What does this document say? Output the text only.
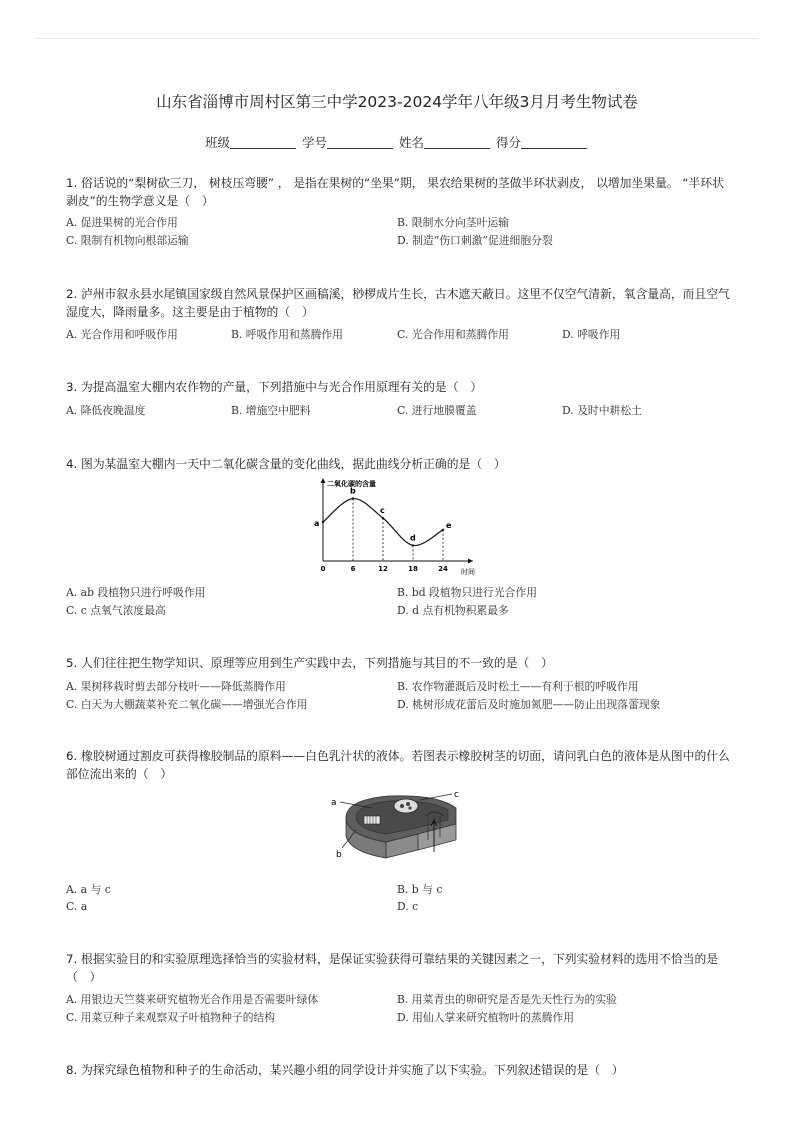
山东省淄博市周村区第三中学2023-2024学年八年级3月月考生物试卷
班级	学号	姓名	得分
1. 俗话说的“梨树砍三刀， 树枝压弯腰” ， 是指在果树的“坐果”期， 果农给果树的茎做半环状剥皮， 以增加坐果量。 “半环状剥皮”的生物学意义是（　）
A. 促进果树的光合作用	B. 限制水分向茎叶运输
C. 限制有机物向根部运输	D. 制造“伤口刺激”促进细胞分裂
2. 泸州市叙永县水尾镇国家级自然风景保护区画稿溪，桫椤成片生长，古木遮天蔽日。这里不仅空气清新，氧含量高，而且空气湿度大，降雨量多。这主要是由于植物的（　）
A. 光合作用和呼吸作用	B. 呼吸作用和蒸腾作用	C. 光合作用和蒸腾作用	D. 呼吸作用
3. 为提高温室大棚内农作物的产量，下列措施中与光合作用原理有关的是（　）
A. 降低夜晚温度	B. 增施空中肥料	C. 进行地膜覆盖	D. 及时中耕松土
4. 图为某温室大棚内一天中二氧化碳含量的变化曲线，据此曲线分析正确的是（　）
二氧化碳的含量
时间
0	6	12	18	24
a
b
c
d
e
A. ab 段植物只进行呼吸作用	B. bd 段植物只进行光合作用
C. c 点氧气浓度最高	D. d 点有机物积累最多
5. 人们往往把生物学知识、原理等应用到生产实践中去，下列措施与其目的不一致的是（　）
A. 果树移栽时剪去部分枝叶——降低蒸腾作用	B. 农作物灌溉后及时松土——有利于根的呼吸作用
C. 白天为大棚蔬菜补充二氧化碳——增强光合作用	D. 桃树形成花蕾后及时施加氮肥——防止出现落蕾现象
6. 橡胶树通过割皮可获得橡胶制品的原料——白色乳汁状的液体。若图表示橡胶树茎的切面，请问乳白色的液体是从图中的什么部位流出来的（　）
a
b
c
A. a 与 c	B. b 与 c
C. a	D. c
7. 根据实验目的和实验原理选择恰当的实验材料，是保证实验获得可靠结果的关键因素之一，下列实验材料的选用不恰当的是（　）
A. 用银边天竺葵来研究植物光合作用是否需要叶绿体	B. 用菜青虫的卵研究是否是先天性行为的实验
C. 用菜豆种子来观察双子叶植物种子的结构	D. 用仙人掌来研究植物叶的蒸腾作用
8. 为探究绿色植物和种子的生命活动，某兴趣小组的同学设计并实施了以下实验。下列叙述错误的是（　）
